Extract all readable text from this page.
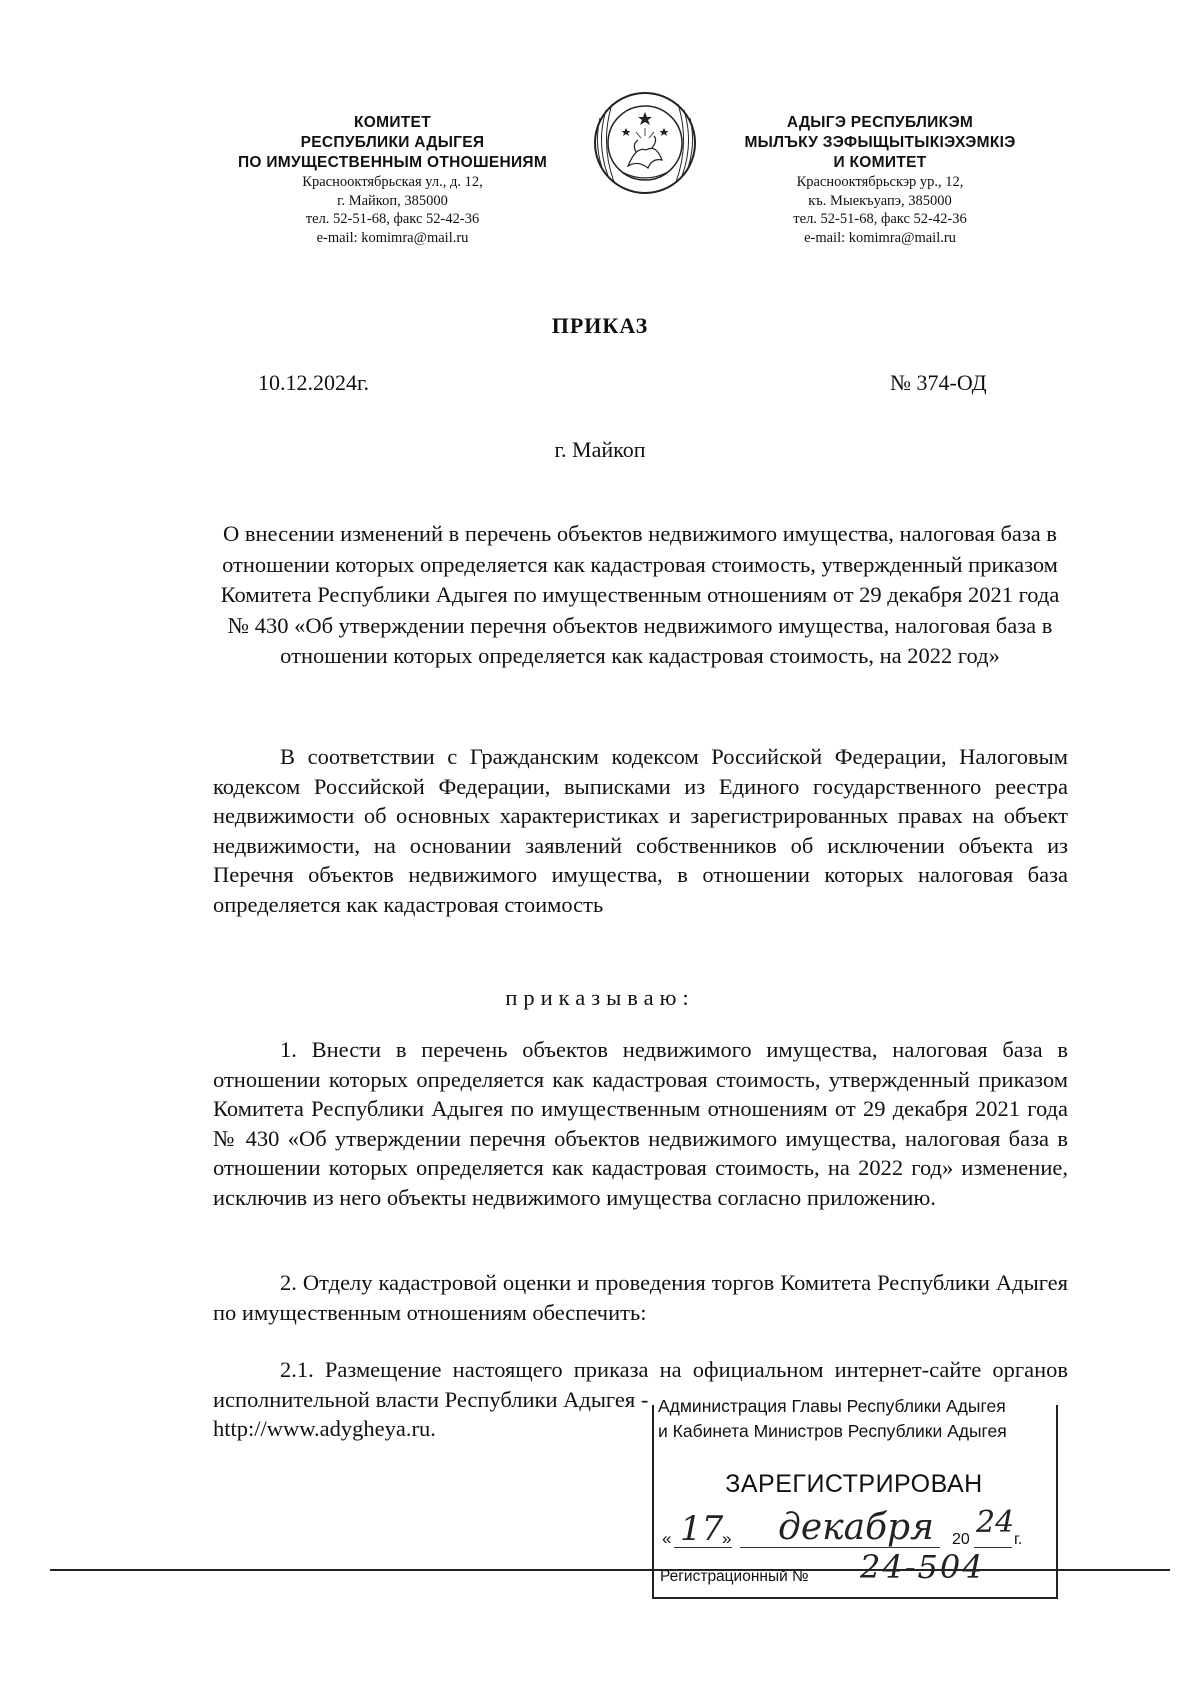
КОМИТЕТ
РЕСПУБЛИКИ АДЫГЕЯ
ПО ИМУЩЕСТВЕННЫМ ОТНОШЕНИЯМ
Краснооктябрьская ул., д. 12,
г. Майкоп, 385000
тел. 52-51-68, факс 52-42-36
e-mail: komimra@mail.ru
АДЫГЭ РЕСПУБЛИКЭМ
МЫЛЪКУ ЗЭФЫЩЫТЫКIЭХЭМКIЭ
И КОМИТЕТ
Краснооктябрьскэр ур., 12,
къ. Мыекъуапэ, 385000
тел. 52-51-68, факс 52-42-36
e-mail: komimra@mail.ru
ПРИКАЗ
10.12.2024г.	№ 374-ОД
г. Майкоп
О внесении изменений в перечень объектов недвижимого имущества, налоговая база в отношении которых определяется как кадастровая стоимость, утвержденный приказом Комитета Республики Адыгея по имущественным отношениям от 29 декабря 2021 года № 430 «Об утверждении перечня объектов недвижимого имущества, налоговая база в отношении которых определяется как кадастровая стоимость, на 2022 год»
В соответствии с Гражданским кодексом Российской Федерации, Налоговым кодексом Российской Федерации, выписками из Единого государственного реестра недвижимости об основных характеристиках и зарегистрированных правах на объект недвижимости, на основании заявлений собственников об исключении объекта из Перечня объектов недвижимого имущества, в отношении которых налоговая база определяется как кадастровая стоимость
приказываю:
1. Внести в перечень объектов недвижимого имущества, налоговая база в отношении которых определяется как кадастровая стоимость, утвержденный приказом Комитета Республики Адыгея по имущественным отношениям от 29 декабря 2021 года № 430 «Об утверждении перечня объектов недвижимого имущества, налоговая база в отношении которых определяется как кадастровая стоимость, на 2022 год» изменение, исключив из него объекты недвижимого имущества согласно приложению.
2. Отделу кадастровой оценки и проведения торгов Комитета Республики Адыгея по имущественным отношениям обеспечить:
2.1. Размещение настоящего приказа на официальном интернет-сайте органов исполнительной власти Республики Адыгея -
http://www.adygheya.ru.
Администрация Главы Республики Адыгея
и Кабинета Министров Республики Адыгея
ЗАРЕГИСТРИРОВАН
« 17
» декабря 20 24 г.
Регистрационный № 24-504
